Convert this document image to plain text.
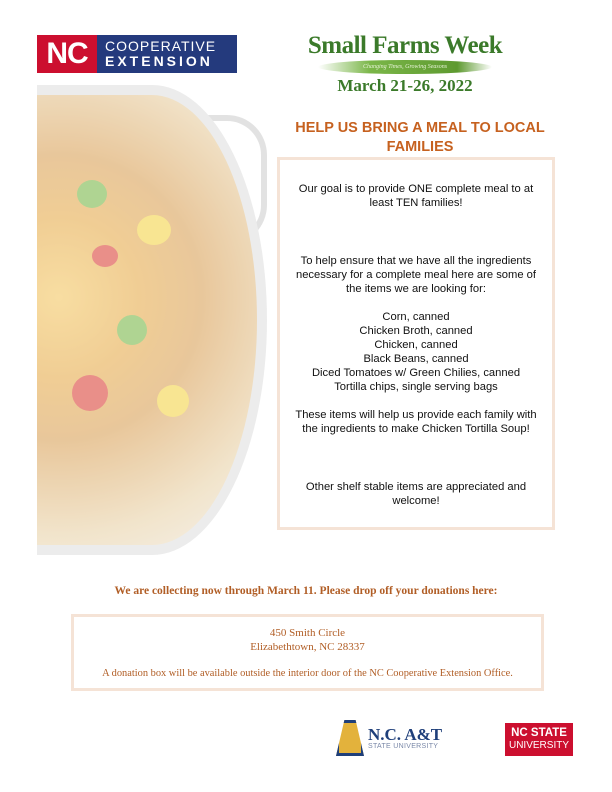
NC	COOPERATIVE
EXTENSION
Small Farms Week
Changing Times, Growing Seasons
March 21-26, 2022
HELP US BRING A MEAL TO LOCAL FAMILIES

Our goal is to provide ONE complete meal to at least TEN families!

To help ensure that we have all the ingredients necessary for a complete meal here are some of the items we are looking for:

Corn, canned
Chicken Broth, canned
Chicken, canned
Black Beans, canned
Diced Tomatoes w/ Green Chilies, canned
Tortilla chips, single serving bags

These items will help us provide each family with the ingredients to make Chicken Tortilla Soup!

Other shelf stable items are appreciated and welcome!

We are collecting now through March 11. Please drop off your donations here:
450 Smith Circle
Elizabethtown, NC 28337
A donation box will be available outside the interior door of the NC Cooperative Extension Office.
N.C. A&T
STATE UNIVERSITY
NC STATE
UNIVERSITY
